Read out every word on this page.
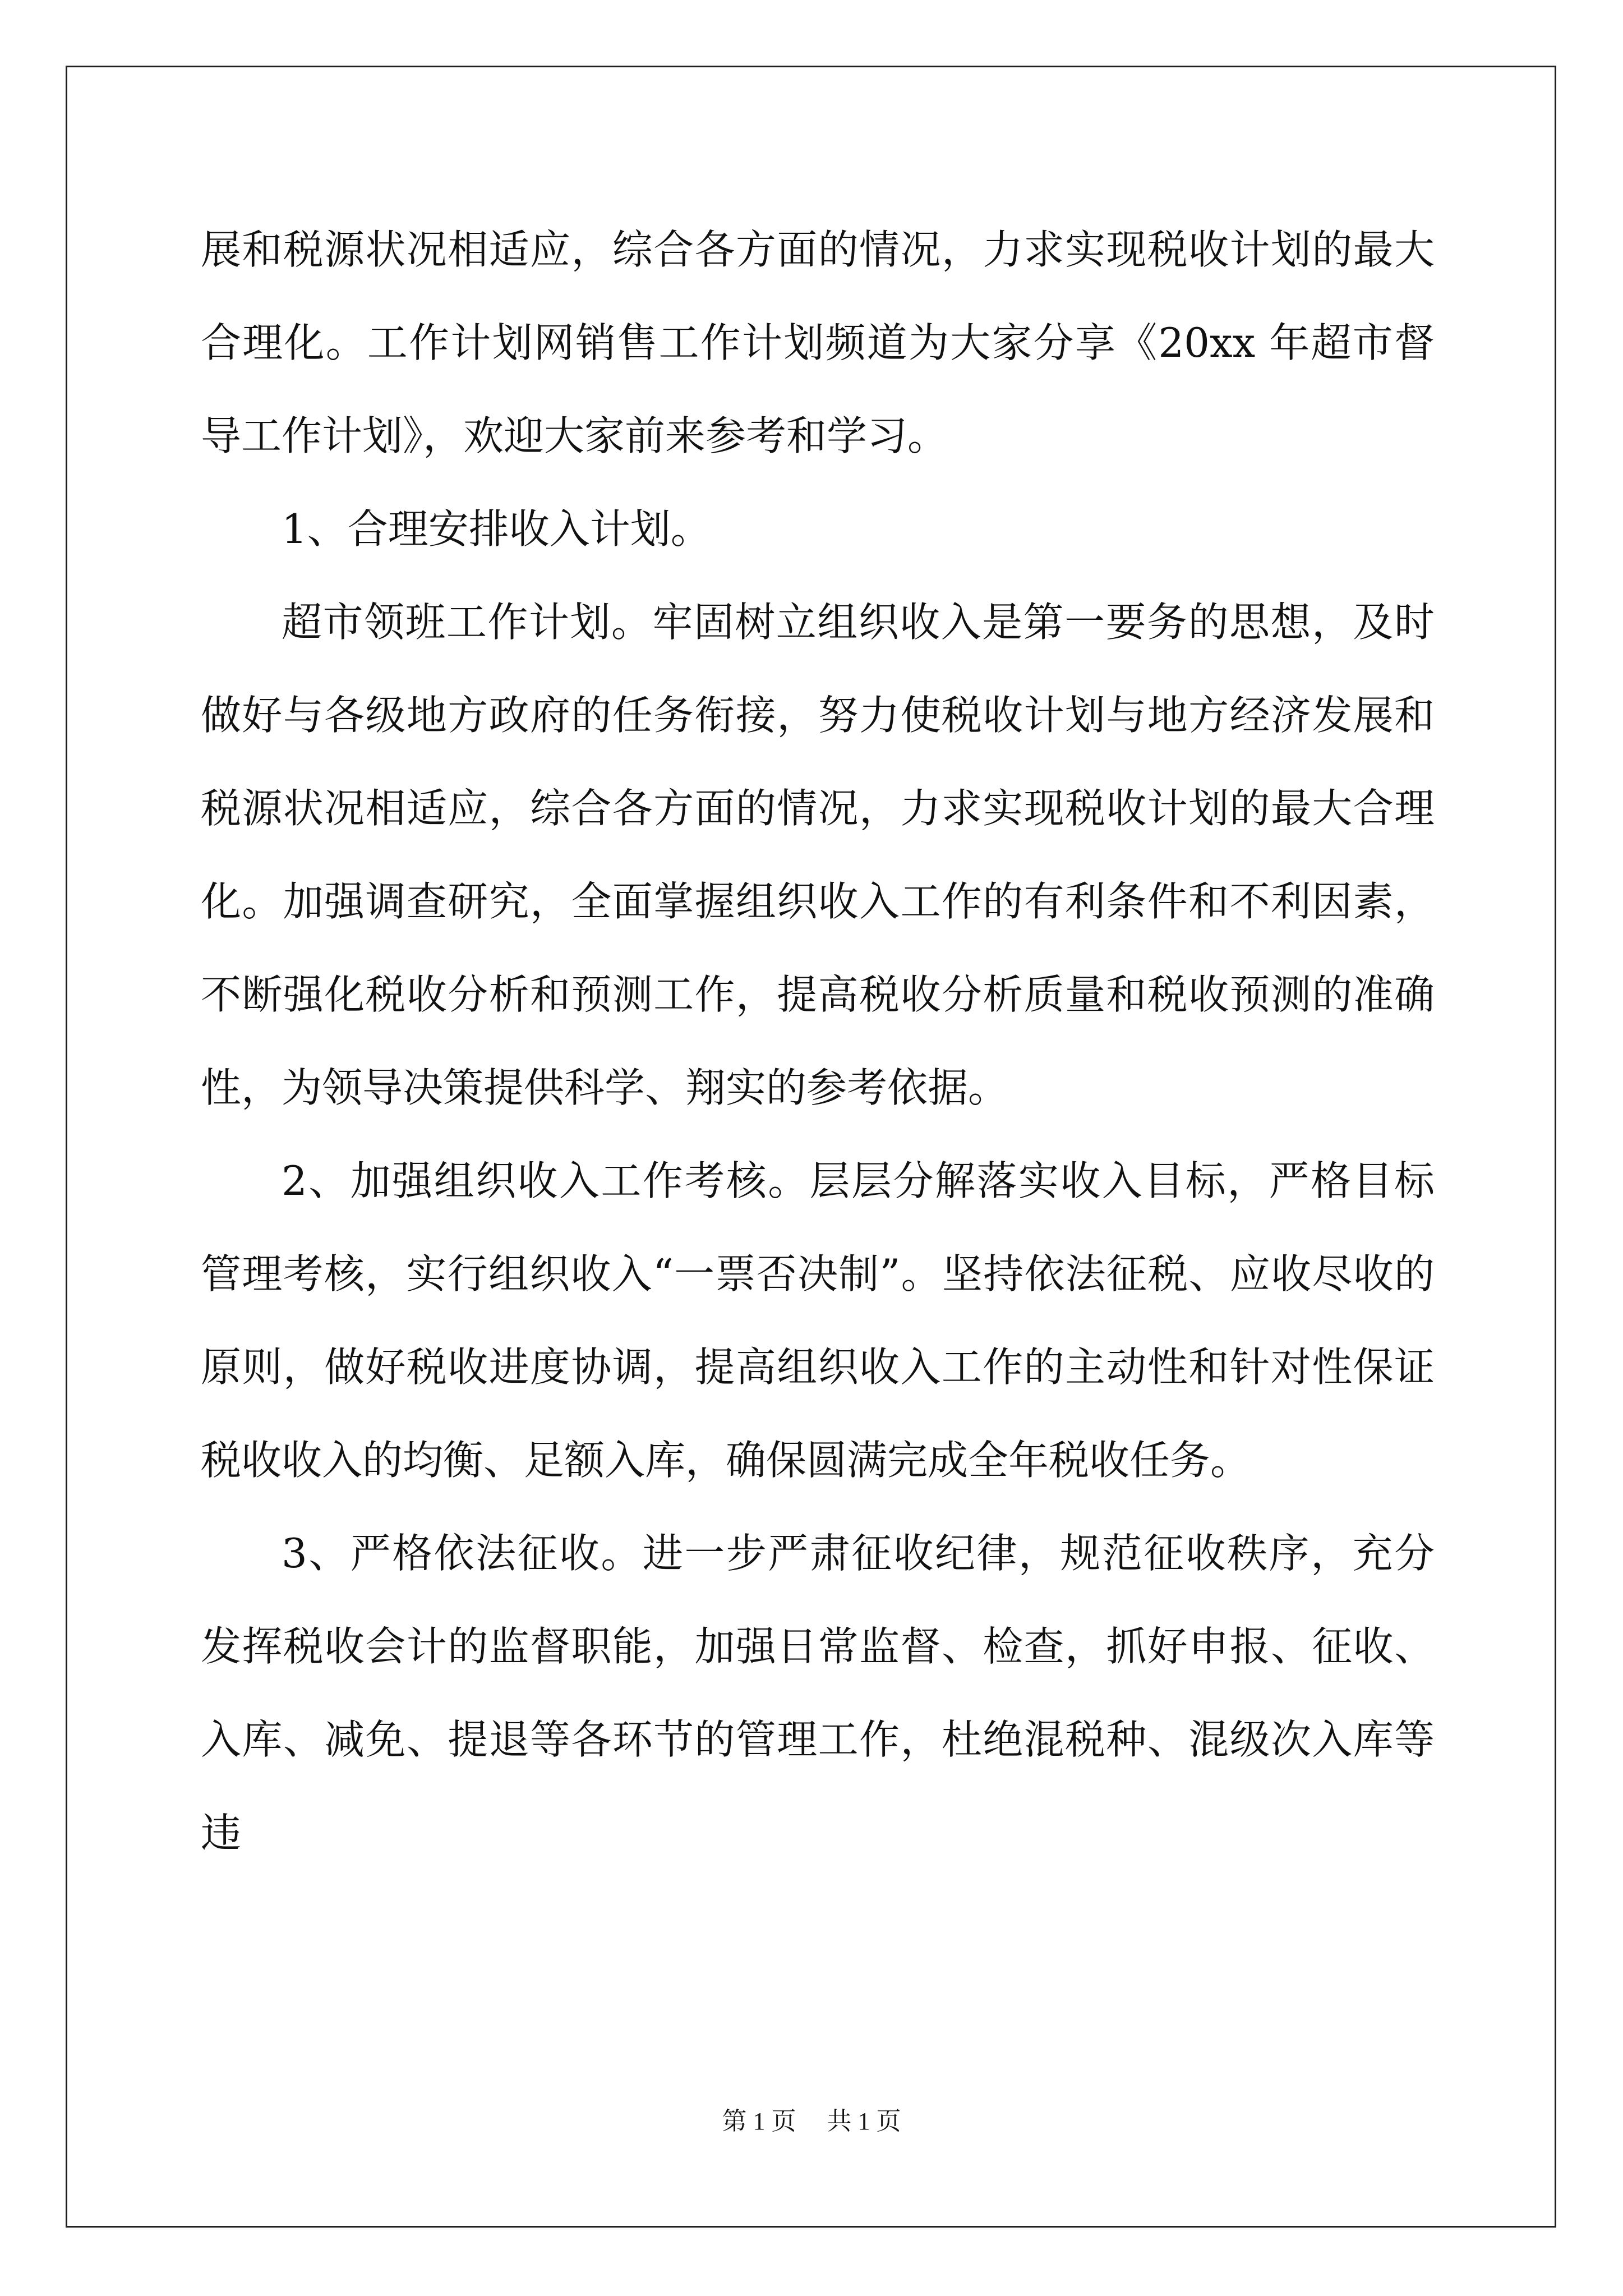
展和税源状况相适应，综合各方面的情况，力求实现税收计划的最大合理化。工作计划网销售工作计划频道为大家分享《20xx 年超市督导工作计划》，欢迎大家前来参考和学习。

1、合理安排收入计划。

超市领班工作计划。牢固树立组织收入是第一要务的思想，及时做好与各级地方政府的任务衔接，努力使税收计划与地方经济发展和税源状况相适应，综合各方面的情况，力求实现税收计划的最大合理化。加强调查研究，全面掌握组织收入工作的有利条件和不利因素，不断强化税收分析和预测工作，提高税收分析质量和税收预测的准确性，为领导决策提供科学、翔实的参考依据。

2、加强组织收入工作考核。层层分解落实收入目标，严格目标管理考核，实行组织收入“一票否决制”。坚持依法征税、应收尽收的原则，做好税收进度协调，提高组织收入工作的主动性和针对性保证税收收入的均衡、足额入库，确保圆满完成全年税收任务。

3、严格依法征收。进一步严肃征收纪律，规范征收秩序，充分发挥税收会计的监督职能，加强日常监督、检查，抓好申报、征收、入库、减免、提退等各环节的管理工作，杜绝混税种、混级次入库等违

第 1 页　 共 1 页
